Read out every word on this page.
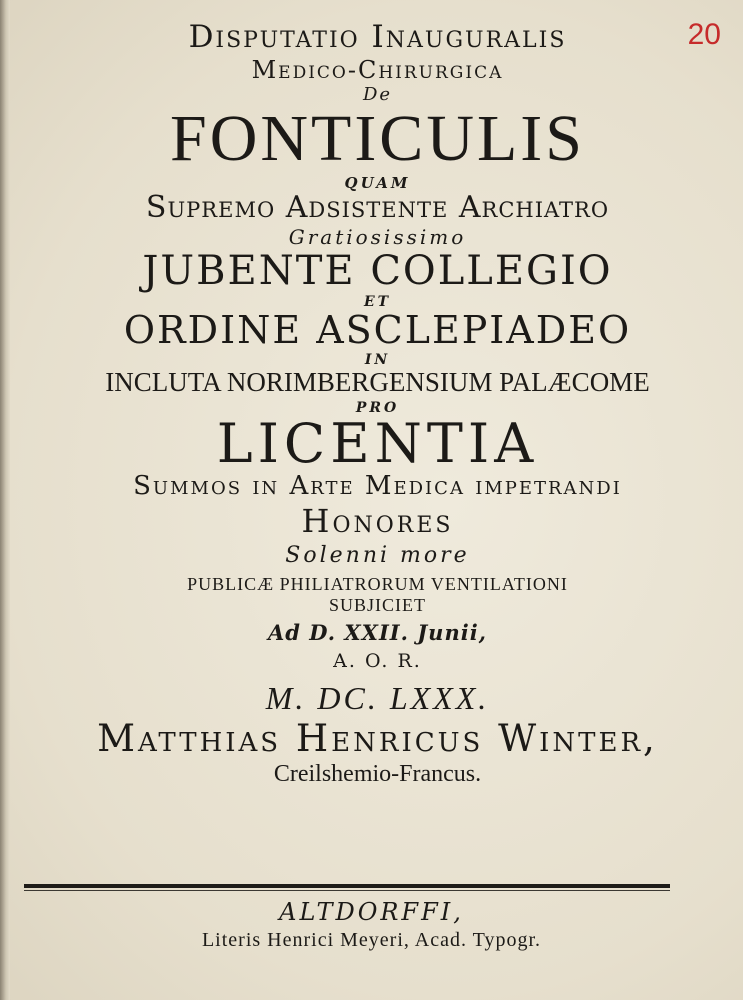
20
Disputatio Inauguralis
Medico-Chirurgica
De
FONTICULIS
QUAM
Supremo Adsistente Archiatro
Gratiosissimo
JUBENTE COLLEGIO
ET
ORDINE ASCLEPIADEO
IN
INCLUTA NORIMBERGENSIUM PALÆCOME
PRO
LICENTIA
Summos in Arte Medica impetrandi
Honores
Solenni more
PUBLICÆ PHILIATRORUM VENTILATIONI
SUBJICIET
Ad D. XXII. Junii,
A. O. R.
M. DC. LXXX.
Matthias Henricus Winter,
Creilshemio-Francus.
ALTDORFFI,
Literis Henrici Meyeri, Acad. Typogr.
